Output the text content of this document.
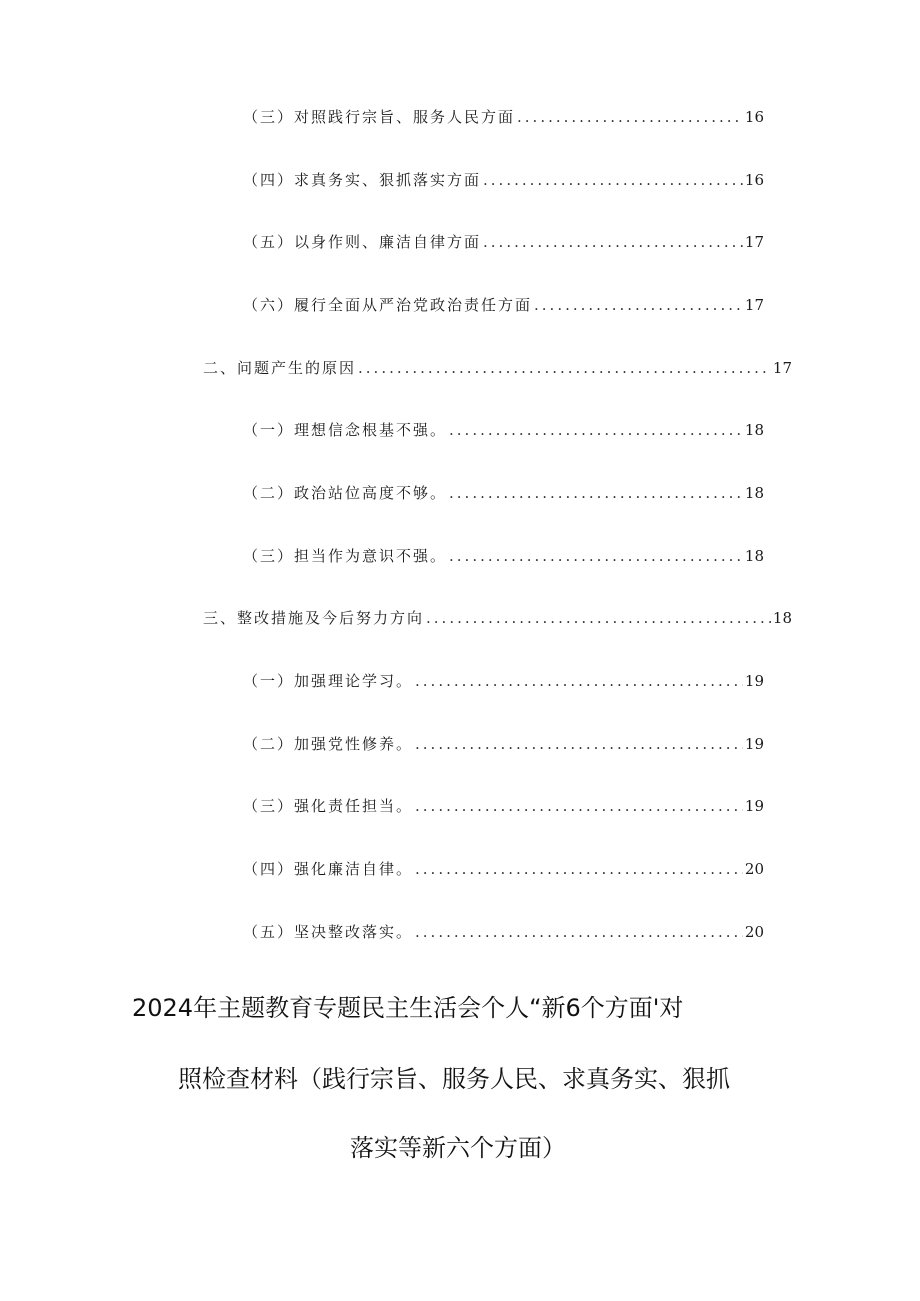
（三）对照践行宗旨、服务人民方面 .....	16
（四）求真务实、狠抓落实方面 .....	16
（五）以身作则、廉洁自律方面 .....	17
（六）履行全面从严治党政治责任方面 .....	17
二、问题产生的原因 .....	17
（一）理想信念根基不强。 .....	18
（二）政治站位高度不够。 .....	18
（三）担当作为意识不强。 .....	18
三、整改措施及今后努力方向 .....	18
（一）加强理论学习。 .....	19
（二）加强党性修养。 .....	19
（三）强化责任担当。 .....	19
（四）强化廉洁自律。 .....	20
（五）坚决整改落实。 .....	20
2024年主题教育专题民主生活会个人“新6个方面'对
照检查材料（践行宗旨、服务人民、求真务实、狠抓
落实等新六个方面）
